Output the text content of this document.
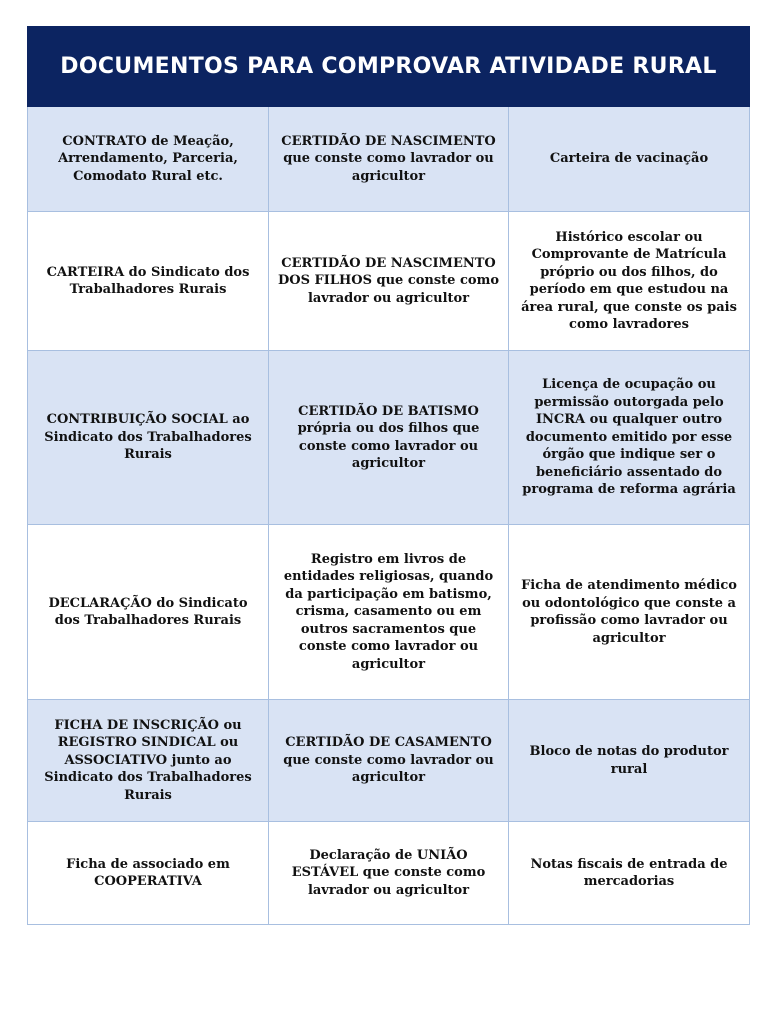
DOCUMENTOS PARA COMPROVAR ATIVIDADE RURAL		
CONTRATO de Meação, Arrendamento, Parceria, Comodato Rural etc.	CERTIDÃO DE NASCIMENTO que conste como lavrador ou agricultor	Carteira de vacinação
CARTEIRA do Sindicato dos Trabalhadores Rurais	CERTIDÃO DE NASCIMENTO DOS FILHOS que conste como lavrador ou agricultor	Histórico escolar ou Comprovante de Matrícula próprio ou dos filhos, do período em que estudou na área rural, que conste os pais como lavradores
CONTRIBUIÇÃO SOCIAL ao Sindicato dos Trabalhadores Rurais	CERTIDÃO DE BATISMO própria ou dos filhos que conste como lavrador ou agricultor	Licença de ocupação ou permissão outorgada pelo INCRA ou qualquer outro documento emitido por esse órgão que indique ser o beneficiário assentado do programa de reforma agrária
DECLARAÇÃO do Sindicato dos Trabalhadores Rurais	Registro em livros de entidades religiosas, quando da participação em batismo, crisma, casamento ou em outros sacramentos que conste como lavrador ou agricultor	Ficha de atendimento médico ou odontológico que conste a profissão como lavrador ou agricultor
FICHA DE INSCRIÇÃO ou REGISTRO SINDICAL ou ASSOCIATIVO junto ao Sindicato dos Trabalhadores Rurais	CERTIDÃO DE CASAMENTO que conste como lavrador ou agricultor	Bloco de notas do produtor rural
Ficha de associado em COOPERATIVA	Declaração de UNIÃO ESTÁVEL que conste como lavrador ou agricultor	Notas fiscais de entrada de mercadorias
